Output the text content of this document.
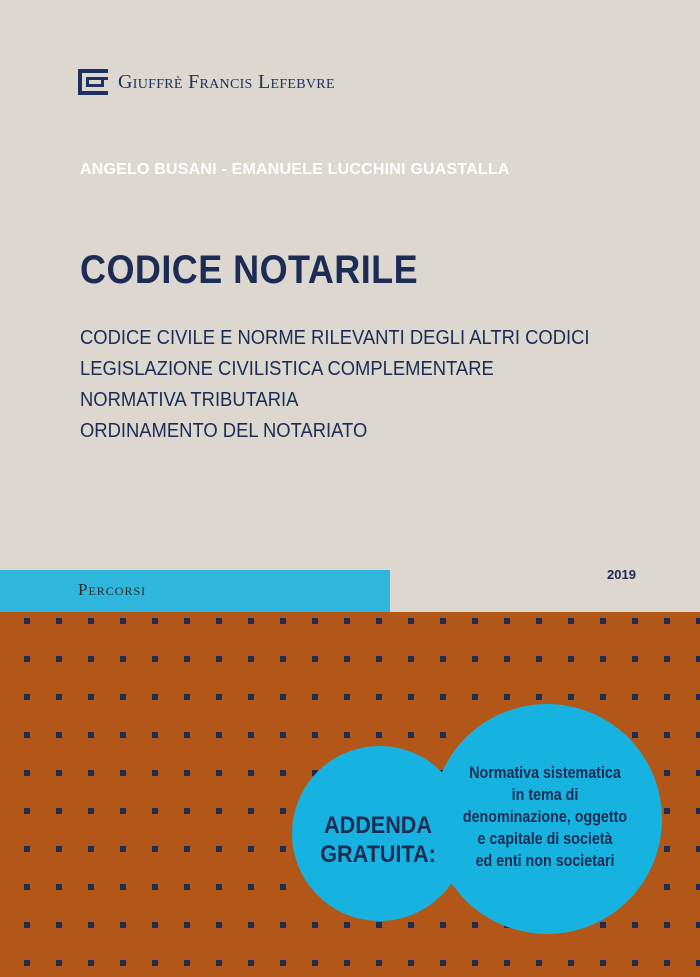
Giuffrè Francis Lefebvre
ANGELO BUSANI - EMANUELE LUCCHINI GUASTALLA
CODICE NOTARILE
CODICE CIVILE E NORME RILEVANTI DEGLI ALTRI CODICI
LEGISLAZIONE CIVILISTICA COMPLEMENTARE
NORMATIVA TRIBUTARIA
ORDINAMENTO DEL NOTARIATO
Percorsi
2019
ADDENDA
GRATUITA:
Normativa sistematica
in tema di
denominazione, oggetto
e capitale di società
ed enti non societari
